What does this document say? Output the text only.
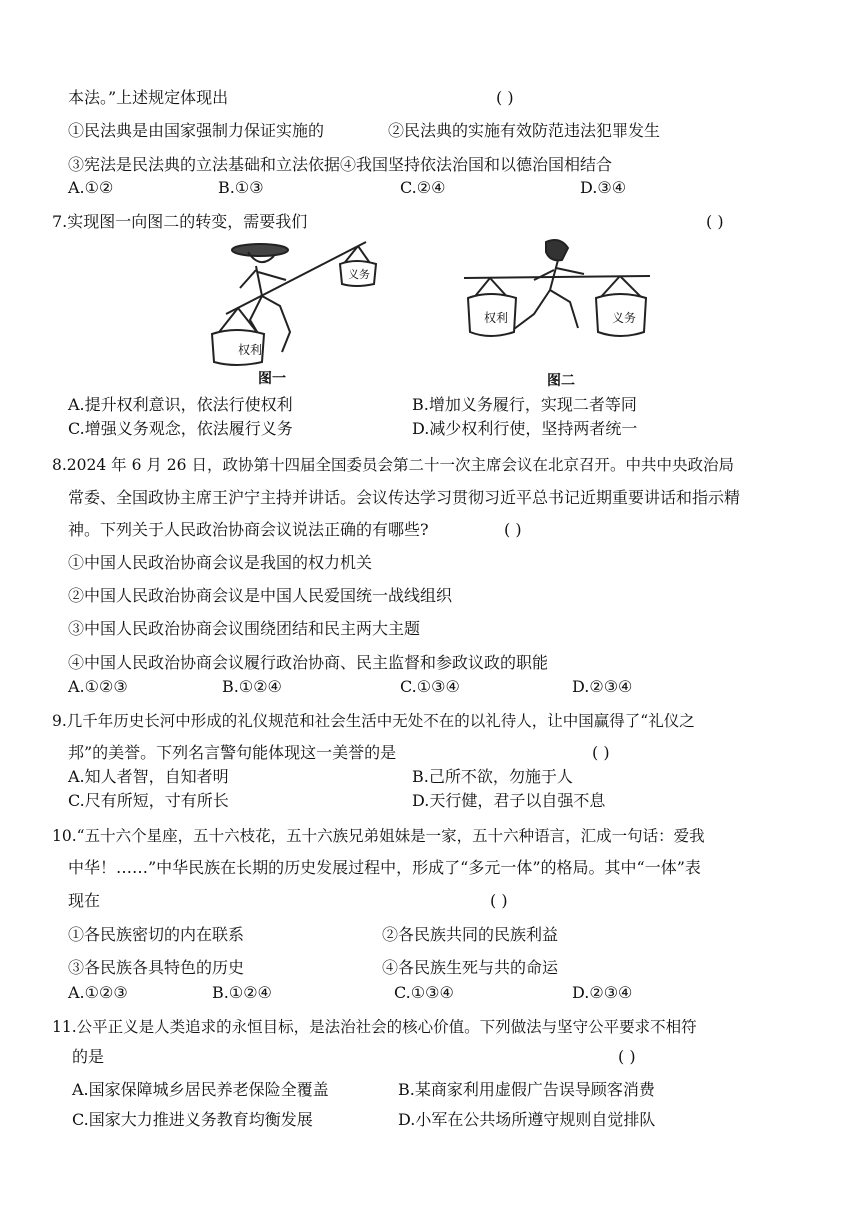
本法。”上述规定体现出	( )
①民法典是由国家强制力保证实施的	②民法典的实施有效防范违法犯罪发生
③宪法是民法典的立法基础和立法依据④我国坚持依法治国和以德治国相结合
A.①②	B.①③	C.②④	D.③④
7.实现图一向图二的转变，需要我们	( )
权利
义务
图一
权利	义务
图二
A.提升权利意识，依法行使权利	B.增加义务履行，实现二者等同
C.增强义务观念，依法履行义务	D.减少权利行使，坚持两者统一
8.2024 年 6 月 26 日，政协第十四届全国委员会第二十一次主席会议在北京召开。中共中央政治局
常委、全国政协主席王沪宁主持并讲话。会议传达学习贯彻习近平总书记近期重要讲话和指示精
神。下列关于人民政治协商会议说法正确的有哪些?	( )
①中国人民政治协商会议是我国的权力机关
②中国人民政治协商会议是中国人民爱国统一战线组织
③中国人民政治协商会议围绕团结和民主两大主题
④中国人民政治协商会议履行政治协商、民主监督和参政议政的职能
A.①②③	B.①②④	C.①③④	D.②③④
9.几千年历史长河中形成的礼仪规范和社会生活中无处不在的以礼待人，让中国赢得了“礼仪之
邦”的美誉。下列名言警句能体现这一美誉的是	( )
A.知人者智，自知者明	B.己所不欲，勿施于人
C.尺有所短，寸有所长	D.天行健，君子以自强不息
10.“五十六个星座，五十六枝花，五十六族兄弟姐妹是一家，五十六种语言，汇成一句话：爱我
中华！……”中华民族在长期的历史发展过程中，形成了“多元一体”的格局。其中“一体”表
现在	( )
①各民族密切的内在联系	②各民族共同的民族利益
③各民族各具特色的历史	④各民族生死与共的命运
A.①②③	B.①②④	C.①③④	D.②③④
11.公平正义是人类追求的永恒目标，是法治社会的核心价值。下列做法与坚守公平要求不相符
的是	( )
A.国家保障城乡居民养老保险全覆盖	B.某商家利用虚假广告误导顾客消费
C.国家大力推进义务教育均衡发展	D.小军在公共场所遵守规则自觉排队
